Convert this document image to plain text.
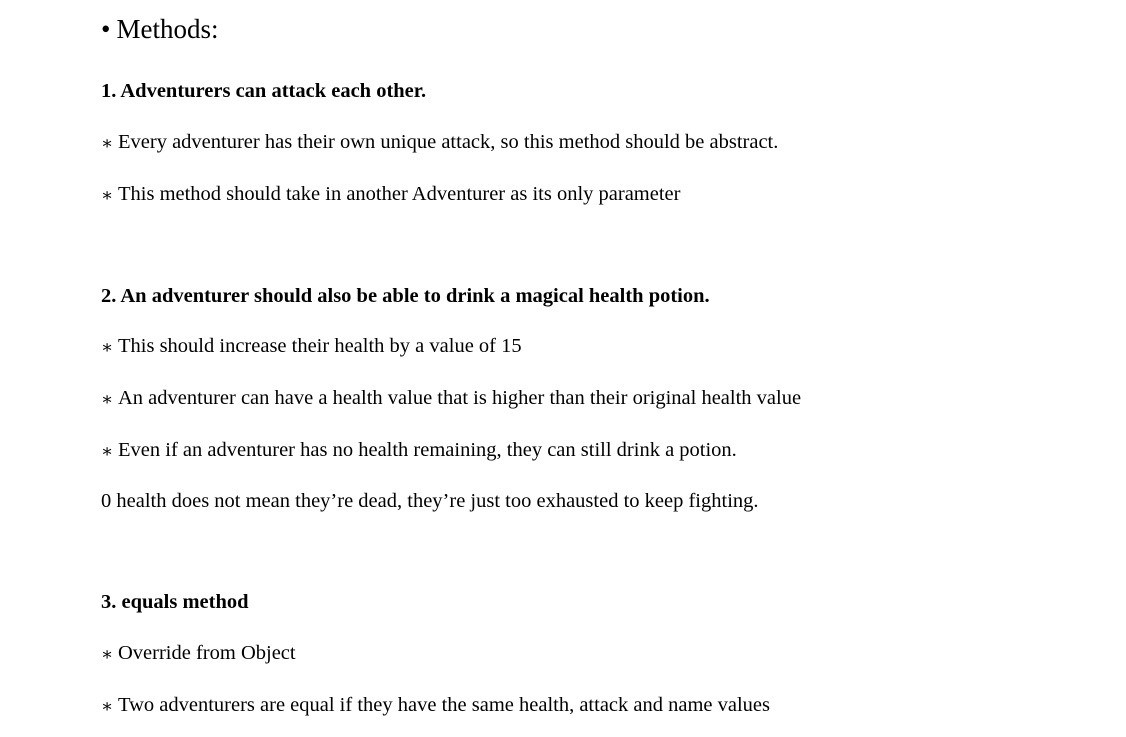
• Methods:
1. Adventurers can attack each other.
∗ Every adventurer has their own unique attack, so this method should be abstract.
∗ This method should take in another Adventurer as its only parameter
2. An adventurer should also be able to drink a magical health potion.
∗ This should increase their health by a value of 15
∗ An adventurer can have a health value that is higher than their original health value
∗ Even if an adventurer has no health remaining, they can still drink a potion.
0 health does not mean they’re dead, they’re just too exhausted to keep fighting.
3. equals method
∗ Override from Object
∗ Two adventurers are equal if they have the same health, attack and name values
